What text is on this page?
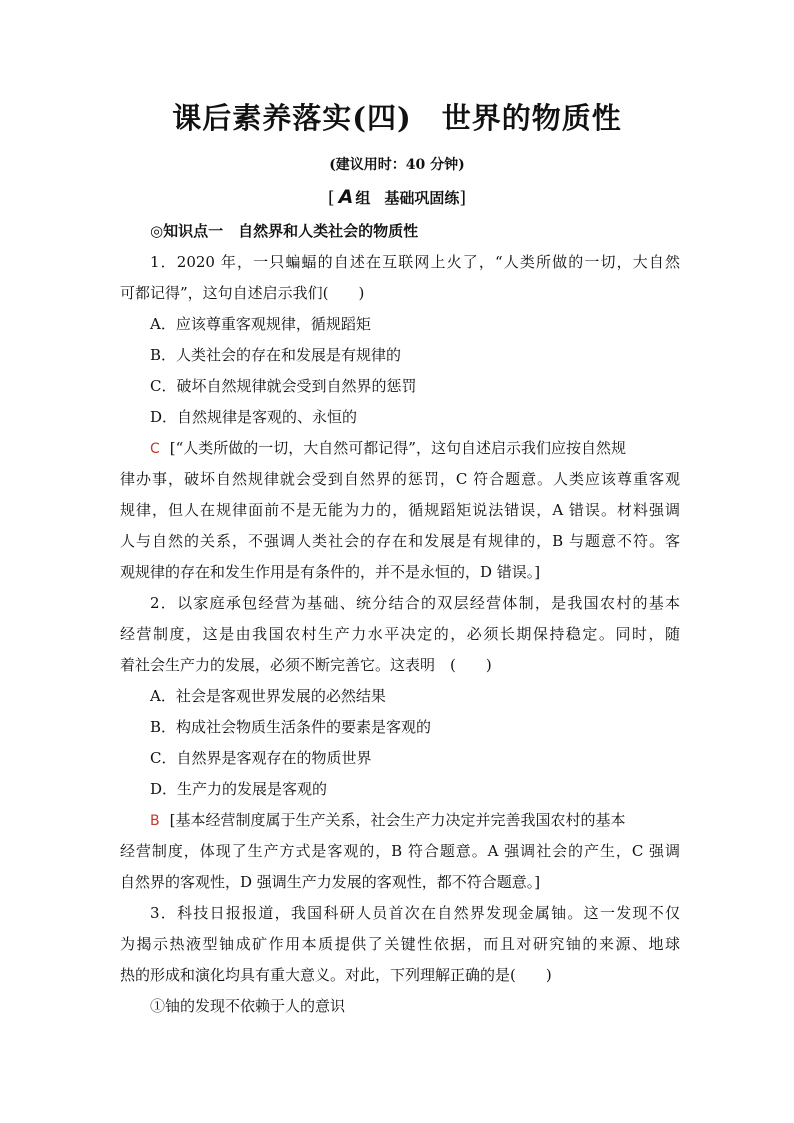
课后素养落实(四) 世界的物质性
(建议用时：40 分钟)
[ A 组 基础巩固练]
◎知识点一　自然界和人类社会的物质性
1．2020 年，一只蝙蝠的自述在互联网上火了，“人类所做的一切，大自然
可都记得”，这句自述启示我们(　　)
A．应该尊重客观规律，循规蹈矩
B．人类社会的存在和发展是有规律的
C．破坏自然规律就会受到自然界的惩罚
D．自然规律是客观的、永恒的
C [“人类所做的一切，大自然可都记得”，这句自述启示我们应按自然规
律办事，破坏自然规律就会受到自然界的惩罚，C 符合题意。人类应该尊重客观
规律，但人在规律面前不是无能为力的，循规蹈矩说法错误，A 错误。材料强调
人与自然的关系，不强调人类社会的存在和发展是有规律的，B 与题意不符。客
观规律的存在和发生作用是有条件的，并不是永恒的，D 错误。]
2．以家庭承包经营为基础、统分结合的双层经营体制，是我国农村的基本
经营制度，这是由我国农村生产力水平决定的，必须长期保持稳定。同时，随
着社会生产力的发展，必须不断完善它。这表明　(　　)
A．社会是客观世界发展的必然结果
B．构成社会物质生活条件的要素是客观的
C．自然界是客观存在的物质世界
D．生产力的发展是客观的
B [基本经营制度属于生产关系，社会生产力决定并完善我国农村的基本
经营制度，体现了生产方式是客观的，B 符合题意。A 强调社会的产生，C 强调
自然界的客观性，D 强调生产力发展的客观性，都不符合题意。]
3．科技日报报道，我国科研人员首次在自然界发现金属铀。这一发现不仅
为揭示热液型铀成矿作用本质提供了关键性依据，而且对研究铀的来源、地球
热的形成和演化均具有重大意义。对此，下列理解正确的是(　　)
①铀的发现不依赖于人的意识
